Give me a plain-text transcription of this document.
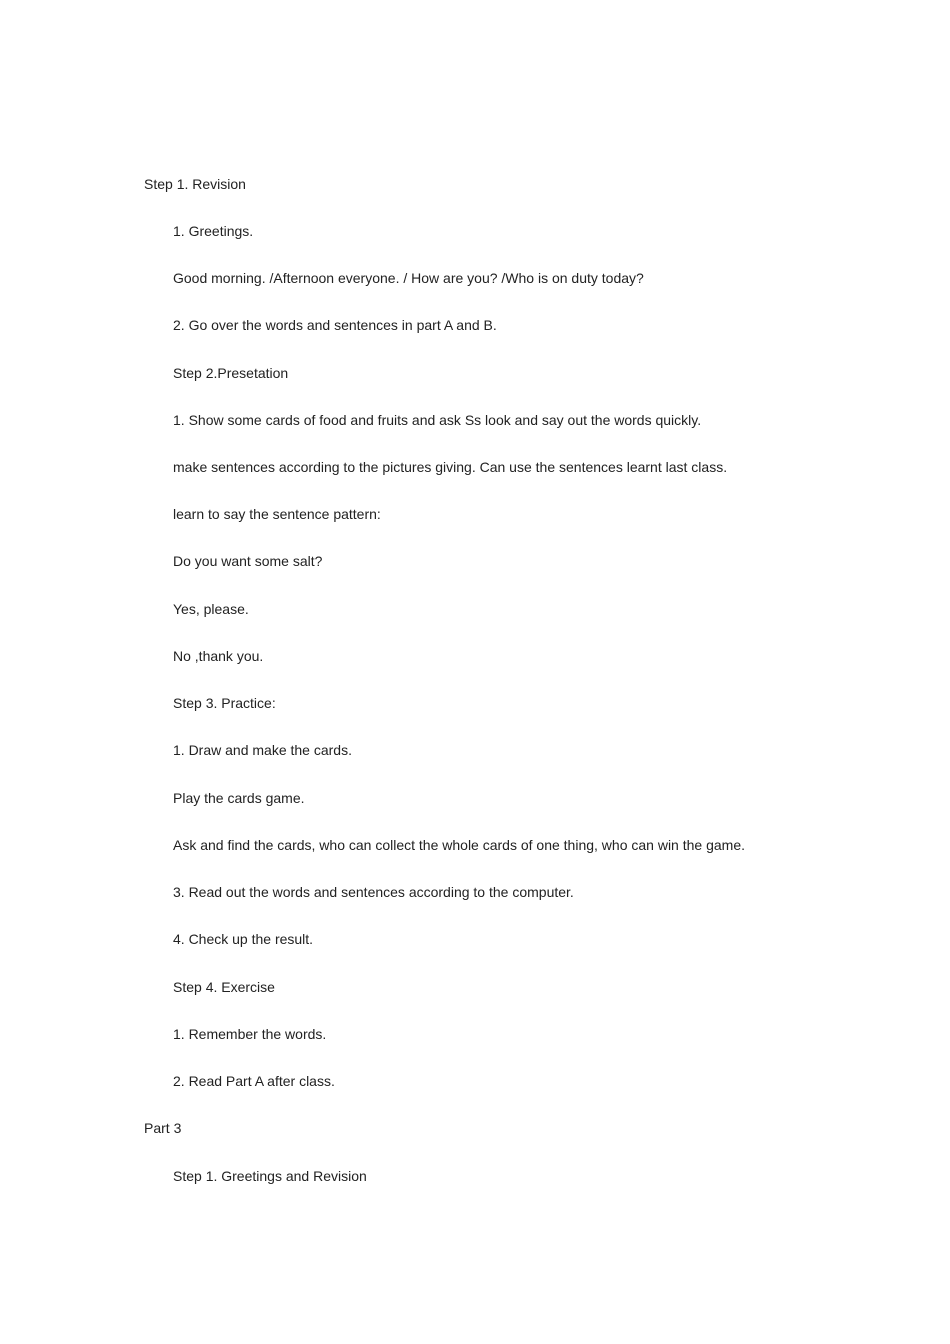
Step 1. Revision

1. Greetings.

Good morning. /Afternoon everyone. / How are you? /Who is on duty today?

2. Go over the words and sentences in part A and B.

Step 2.Presetation

1. Show some cards of food and fruits and ask Ss look and say out the words quickly.

make sentences according to the pictures giving. Can use the sentences learnt last class.

learn to say the sentence pattern:

Do you want some salt?

Yes, please.

No ,thank you.

Step 3. Practice:

1. Draw and make the cards.

Play the cards game.

Ask and find the cards, who can collect the whole cards of one thing, who can win the game.

3. Read out the words and sentences according to the computer.

4. Check up the result.

Step 4. Exercise

1. Remember the words.

2. Read Part A after class.

Part 3

Step 1. Greetings and Revision
